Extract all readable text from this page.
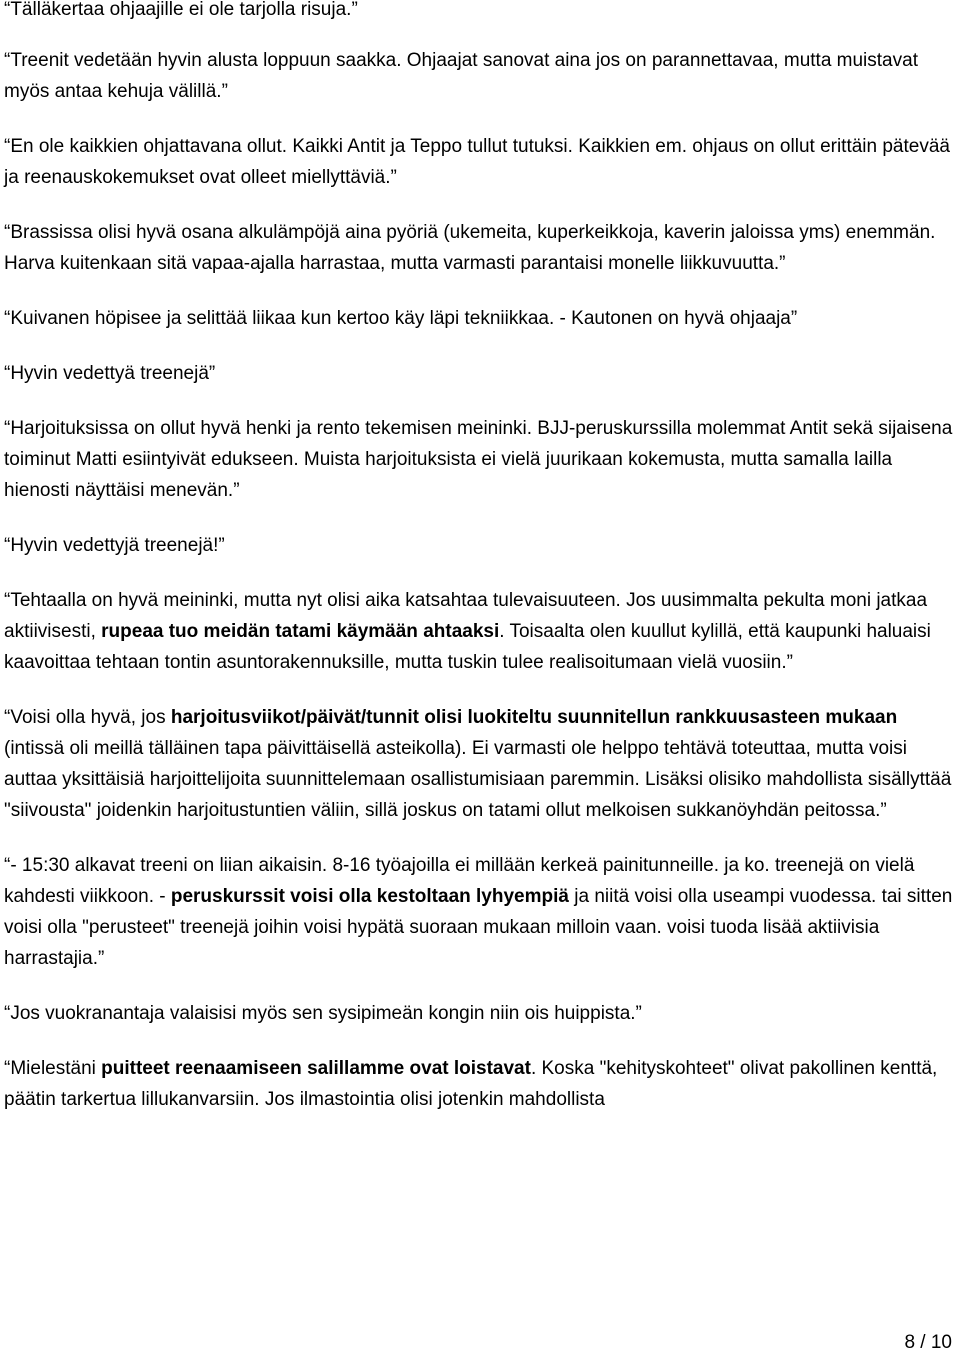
“Tälläkertaa ohjaajille ei ole tarjolla risuja.”

“Treenit vedetään hyvin alusta loppuun saakka. Ohjaajat sanovat aina jos on parannettavaa, mutta muistavat myös antaa kehuja välillä.”

“En ole kaikkien ohjattavana ollut. Kaikki Antit ja Teppo tullut tutuksi. Kaikkien em. ohjaus on ollut erittäin pätevää ja reenauskokemukset ovat olleet miellyttäviä.”

“Brassissa olisi hyvä osana alkulämpöjä aina pyöriä (ukemeita, kuperkeikkoja, kaverin jaloissa yms) enemmän. Harva kuitenkaan sitä vapaa-ajalla harrastaa, mutta varmasti parantaisi monelle liikkuvuutta.”

“Kuivanen höpisee ja selittää liikaa kun kertoo käy läpi tekniikkaa. - Kautonen on hyvä ohjaaja”

“Hyvin vedettyä treenejä”

“Harjoituksissa on ollut hyvä henki ja rento tekemisen meininki. BJJ-peruskurssilla molemmat Antit sekä sijaisena toiminut Matti esiintyivät edukseen. Muista harjoituksista ei vielä juurikaan kokemusta, mutta samalla lailla hienosti näyttäisi menevän.”

“Hyvin vedettyjä treenejä!”

“Tehtaalla on hyvä meininki, mutta nyt olisi aika katsahtaa tulevaisuuteen. Jos uusimmalta pekulta moni jatkaa aktiivisesti, rupeaa tuo meidän tatami käymään ahtaaksi. Toisaalta olen kuullut kylillä, että kaupunki haluaisi kaavoittaa tehtaan tontin asuntorakennuksille, mutta tuskin tulee realisoitumaan vielä vuosiin.”

“Voisi olla hyvä, jos harjoitusviikot/päivät/tunnit olisi luokiteltu suunnitellun rankkuusasteen mukaan (intissä oli meillä tälläinen tapa päivittäisellä asteikolla). Ei varmasti ole helppo tehtävä toteuttaa, mutta voisi auttaa yksittäisiä harjoittelijoita suunnittelemaan osallistumisiaan paremmin. Lisäksi olisiko mahdollista sisällyttää "siivousta" joidenkin harjoitustuntien väliin, sillä joskus on tatami ollut melkoisen sukkanöyhdän peitossa.”

“- 15:30 alkavat treeni on liian aikaisin. 8-16 työajoilla ei millään kerkeä painitunneille. ja ko. treenejä on vielä kahdesti viikkoon. - peruskurssit voisi olla kestoltaan lyhyempiä ja niitä voisi olla useampi vuodessa. tai sitten voisi olla "perusteet" treenejä joihin voisi hypätä suoraan mukaan milloin vaan. voisi tuoda lisää aktiivisia harrastajia.”

“Jos vuokranantaja valaisisi myös sen sysipimeän kongin niin ois huippista.”

“Mielestäni puitteet reenaamiseen salillamme ovat loistavat. Koska "kehityskohteet" olivat pakollinen kenttä, päätin tarkertua lillukanvarsiin. Jos ilmastointia olisi jotenkin mahdollista

8 / 10
